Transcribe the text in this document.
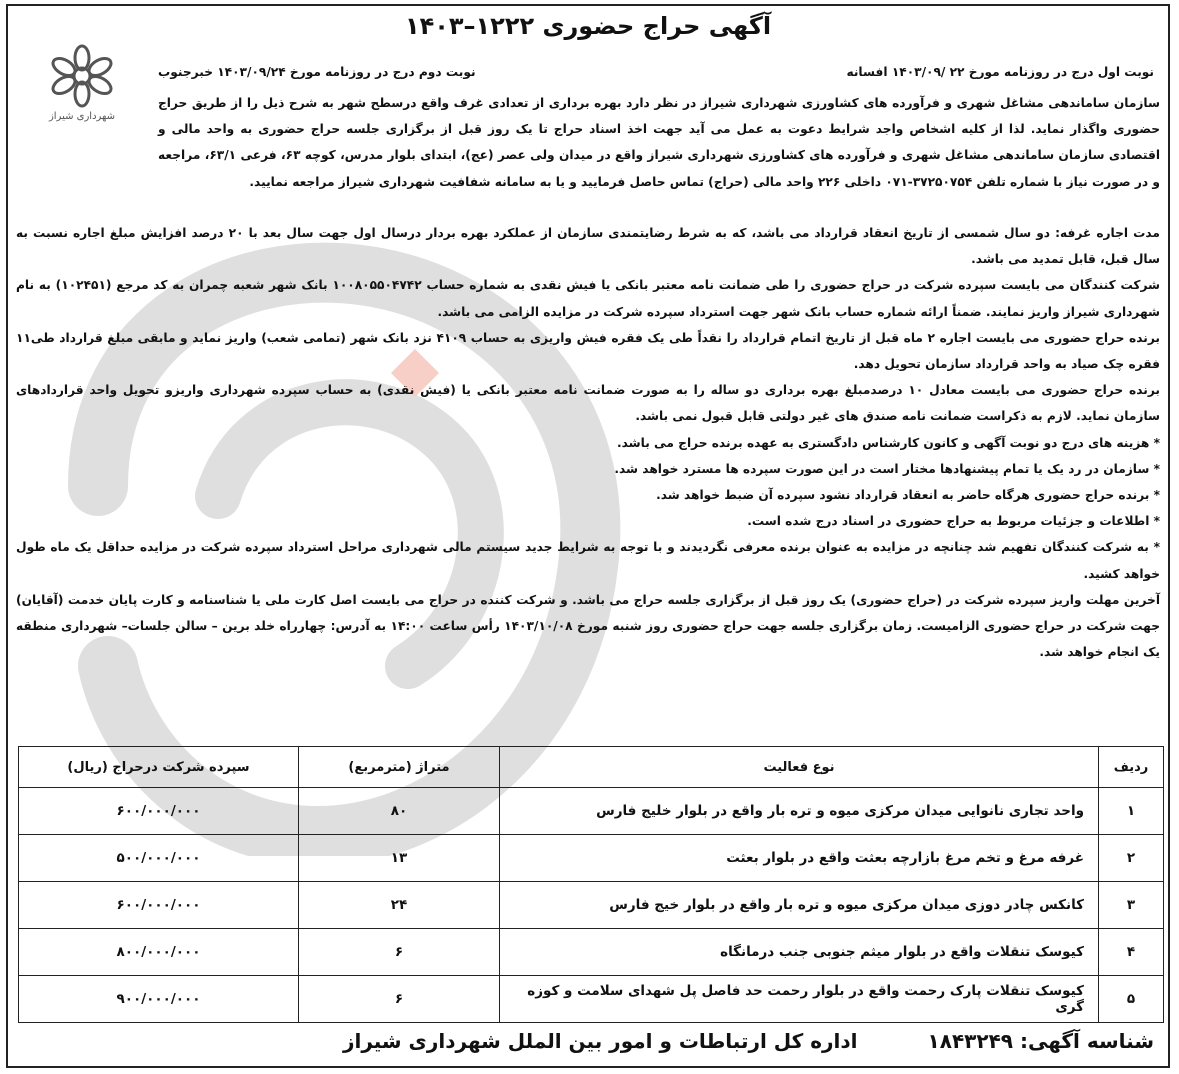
شهرداری شیراز
آگهی حراج حضوری ۱۲۲۲–۱۴۰۳
نوبت اول درج در روزنامه مورخ ۲۲ /۱۴۰۳/۰۹ افسانه
نوبت دوم درج در روزنامه مورخ ۱۴۰۳/۰۹/۲۴ خبرجنوب

سازمان ساماندهی مشاغل شهری و فرآورده های کشاورزی شهرداری شیراز در نظر دارد بهره برداری از تعدادی غرف واقع درسطح شهر به شرح ذیل را از طریق حراج حضوری واگذار نماید. لذا از کلیه اشخاص واجد شرایط دعوت به عمل می آید جهت اخذ اسناد حراج تا یک روز قبل از برگزاری جلسه حراج حضوری به واحد مالی و اقتصادی سازمان ساماندهی مشاغل شهری و فرآورده های کشاورزی شهرداری شیراز واقع در میدان ولی عصر (عج)، ابتدای بلوار مدرس، کوچه ۶۳، فرعی ۶۳/۱، مراجعه و در صورت نیاز با شماره تلفن ۳۷۲۵۰۷۵۴-۰۷۱ داخلی ۲۲۶ واحد مالی (حراج) تماس حاصل فرمایید و یا به سامانه شفافیت شهرداری شیراز مراجعه نمایید.

مدت اجاره غرفه: دو سال شمسی از تاریخ انعقاد قرارداد می باشد، که به شرط رضایتمندی سازمان از عملکرد بهره بردار درسال اول جهت سال بعد با ۲۰ درصد افزایش مبلغ اجاره نسبت به سال قبل، قابل تمدید می باشد.

شرکت کنندگان می بایست سپرده شرکت در حراج حضوری را طی ضمانت نامه معتبر بانکی یا فیش نقدی به شماره حساب ۱۰۰۸۰۵۵۰۴۷۴۲ بانک شهر شعبه چمران به کد مرجع (۱۰۲۴۵۱) به نام شهرداری شیراز واریز نمایند. ضمناً ارائه شماره حساب بانک شهر جهت استرداد سپرده شرکت در مزایده الزامی می باشد.

برنده حراج حضوری می بایست اجاره ۲ ماه قبل از تاریخ اتمام قرارداد را نقداً طی یک فقره فیش واریزی به حساب ۴۱۰۹ نزد بانک شهر (تمامی شعب) واریز نماید و مابقی مبلغ قرارداد طی۱۱ فقره چک صیاد به واحد قرارداد سازمان تحویل دهد.

برنده حراج حضوری می بایست معادل ۱۰ درصدمبلغ بهره برداری دو ساله را به صورت ضمانت نامه معتبر بانکی یا (فیش نقدی) به حساب سپرده شهرداری واریزو تحویل واحد قراردادهای سازمان نماید. لازم به ذکراست ضمانت نامه صندق های غیر دولتی قابل قبول نمی باشد.

* هزینه های درج دو نوبت آگهی و کانون کارشناس دادگستری به عهده برنده حراج می باشد.

* سازمان در رد یک یا تمام پیشنهادها مختار است در این صورت سپرده ها مسترد خواهد شد.

* برنده حراج حضوری هرگاه حاضر به انعقاد قرارداد نشود سپرده آن ضبط خواهد شد.

* اطلاعات و جزئیات مربوط به حراج حضوری در اسناد درج شده است.

* به شرکت کنندگان تفهیم شد چنانچه در مزایده به عنوان برنده معرفی نگردیدند و با توجه به شرایط جدید سیستم مالی شهرداری مراحل استرداد سپرده شرکت در مزایده حداقل یک ماه طول خواهد کشید.

آخرین مهلت واریز سپرده شرکت در (حراج حضوری) یک روز قبل از برگزاری جلسه حراج می باشد. و شرکت کننده در حراج می بایست اصل کارت ملی یا شناسنامه و کارت پایان خدمت (آقایان) جهت شرکت در حراج حضوری الزامیست. زمان برگزاری جلسه جهت حراج حضوری روز شنبه مورخ ۱۴۰۳/۱۰/۰۸ رأس ساعت ۱۴:۰۰ به آدرس: چهارراه خلد برین – سالن جلسات– شهرداری منطقه یک انجام خواهد شد.

ردیف	نوع فعالیت	متراژ (مترمربع)	سپرده شرکت درحراج (ریال)
۱	واحد تجاری نانوایی میدان مرکزی میوه و تره بار واقع در بلوار خلیج فارس	۸۰	۶۰۰/۰۰۰/۰۰۰
۲	غرفه مرغ و تخم مرغ بازارچه بعثت واقع در بلوار بعثت	۱۳	۵۰۰/۰۰۰/۰۰۰
۳	کانکس چادر دوزی میدان مرکزی میوه و تره بار واقع در بلوار خیج فارس	۲۴	۶۰۰/۰۰۰/۰۰۰
۴	کیوسک تنقلات واقع در بلوار میثم جنوبی جنب درمانگاه	۶	۸۰۰/۰۰۰/۰۰۰
۵	کیوسک تنقلات پارک رحمت واقع در بلوار رحمت حد فاصل پل شهدای سلامت و کوزه گری	۶	۹۰۰/۰۰۰/۰۰۰
شناسه آگهی: ۱۸۴۳۲۴۹
اداره کل ارتباطات و امور بین الملل شهرداری شیراز
